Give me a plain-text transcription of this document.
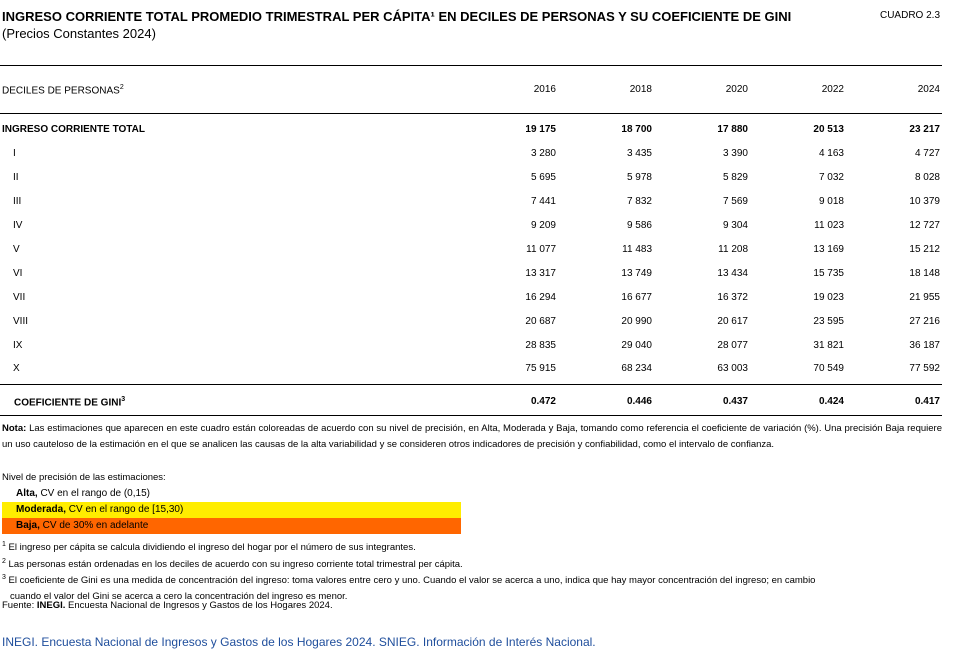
INGRESO CORRIENTE TOTAL PROMEDIO TRIMESTRAL PER CÁPITA¹ EN DECILES DE PERSONAS Y SU COEFICIENTE DE GINI
(Precios Constantes 2024)
CUADRO 2.3
DECILES DE PERSONAS$^2$	2016	2018	2020	2022	2024
INGRESO CORRIENTE TOTAL	19 175	18 700	17 880	20 513	23 217
I	3 280	3 435	3 390	4 163	4 727
II	5 695	5 978	5 829	7 032	8 028
III	7 441	7 832	7 569	9 018	10 379
IV	9 209	9 586	9 304	11 023	12 727
V	11 077	11 483	11 208	13 169	15 212
VI	13 317	13 749	13 434	15 735	18 148
VII	16 294	16 677	16 372	19 023	21 955
VIII	20 687	20 990	20 617	23 595	27 216
IX	28 835	29 040	28 077	31 821	36 187
X	75 915	68 234	63 003	70 549	77 592
COEFICIENTE DE GINI$^3$	0.472	0.446	0.437	0.424	0.417
Nota: Las estimaciones que aparecen en este cuadro están coloreadas de acuerdo con su nivel de precisión, en Alta, Moderada y Baja, tomando como referencia el coeficiente de variación (%). Una precisión Baja requiere un uso cauteloso de la estimación en el que se analicen las causas de la alta variabilidad y se consideren otros indicadores de precisión y confiabilidad, como el intervalo de confianza.
Nivel de precisión de las estimaciones:
Alta, CV en el rango de (0,15)
Moderada, CV en el rango de [15,30)
Baja, CV de 30% en adelante
$^1$ El ingreso per cápita se calcula dividiendo el ingreso del hogar por el número de sus integrantes.
$^2$ Las personas están ordenadas en los deciles de acuerdo con su ingreso corriente total trimestral per cápita.
$^3$ El coeficiente de Gini es una medida de concentración del ingreso: toma valores entre cero y uno. Cuando el valor se acerca a uno, indica que hay mayor concentración del ingreso; en cambio
cuando el valor del Gini se acerca a cero la concentración del ingreso es menor.
Fuente: INEGI. Encuesta Nacional de Ingresos y Gastos de los Hogares 2024.
INEGI. Encuesta Nacional de Ingresos y Gastos de los Hogares 2024. SNIEG. Información de Interés Nacional.
